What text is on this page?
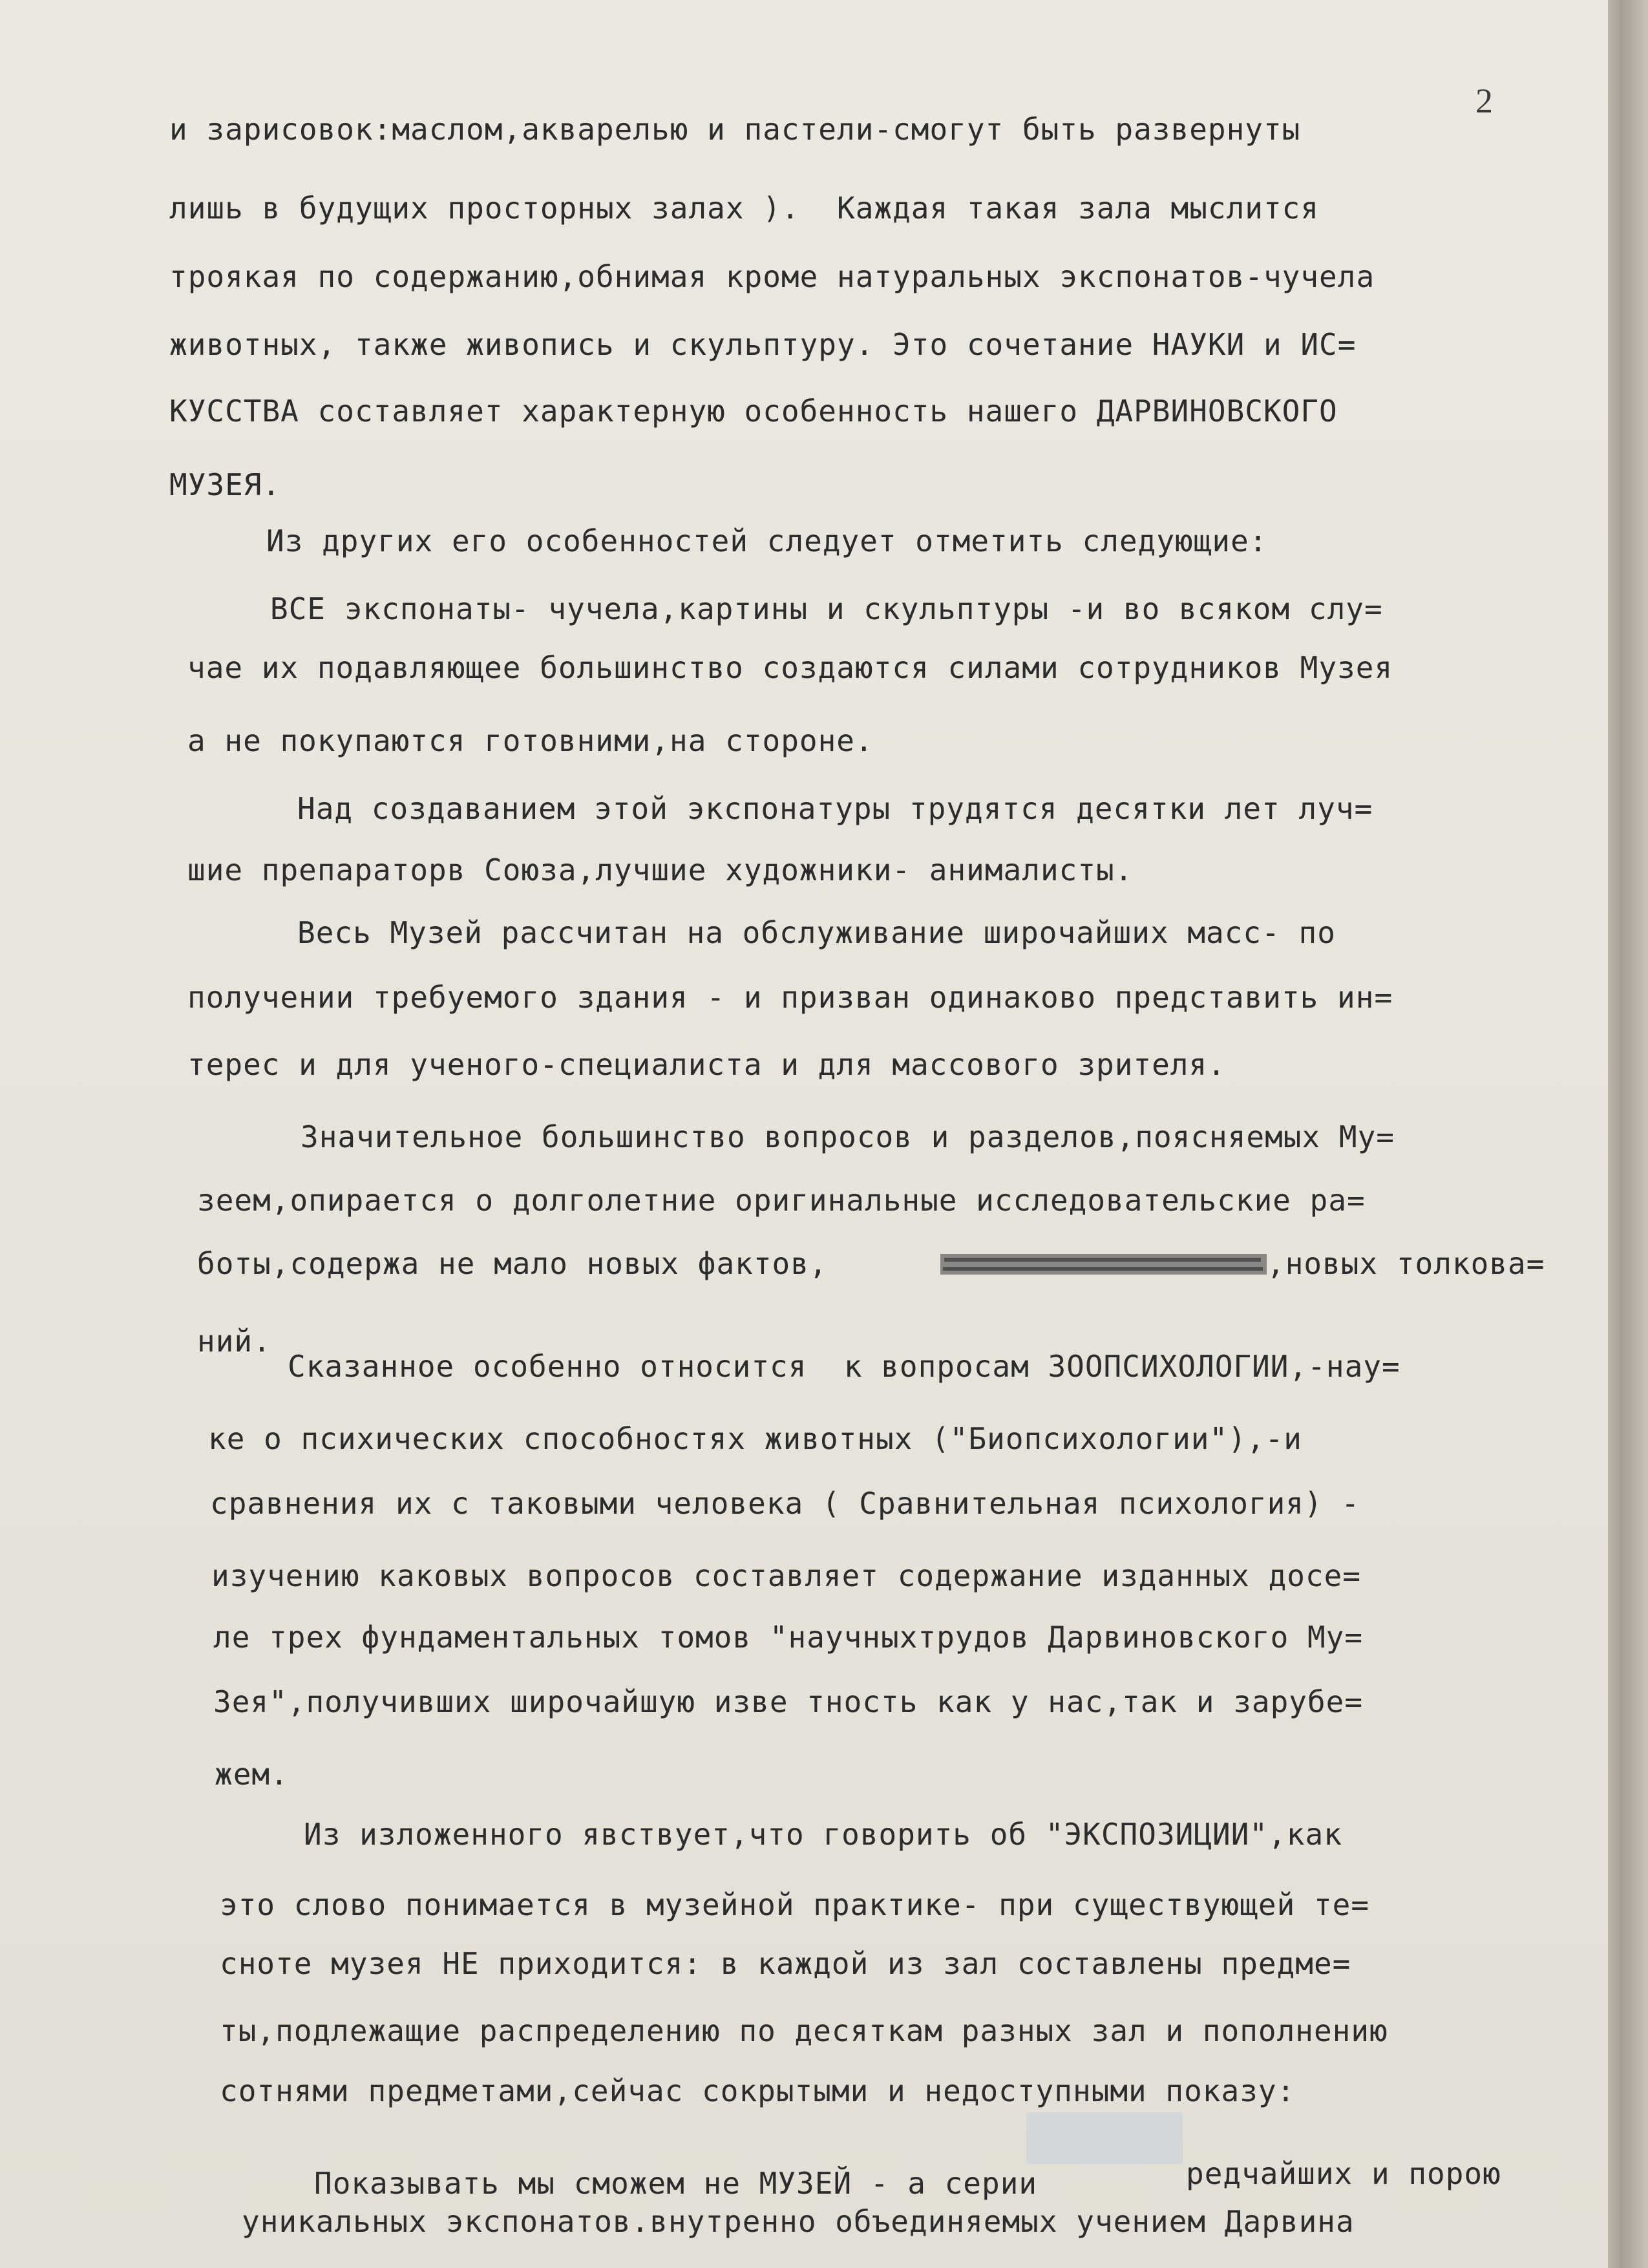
2
и зарисовок:маслом,акварелью и пастели-смогут быть развернуты
лишь в будущих просторных залах ).  Каждая такая зала мыслится
троякая по содержанию,обнимая кроме натуральных экспонатов-чучела
животных, также живопись и скульптуру. Это сочетание НАУКИ и ИС=
КУССТВА составляет характерную особенность нашего ДАРВИНОВСКОГО
МУЗЕЯ.
Из других его особенностей следует отметить следующие:
ВСЕ экспонаты- чучела,картины и скульптуры -и во всяком слу=
чае их подавляющее большинство создаются силами сотрудников Музея
а не покупаются готовними,на стороне.
Над создаванием этой экспонатуры трудятся десятки лет луч=
шие препараторв Союза,лучшие художники- анималисты.
Весь Музей рассчитан на обслуживание широчайших масс- по
получении требуемого здания - и призван одинаково представить ин=
терес и для ученого-специалиста и для массового зрителя.
Значительное большинство вопросов и разделов,поясняемых Му=
зеем,опирается о долголетние оригинальные исследовательские ра=
боты,содержа не мало новых фактов,	,новых толкова=
ний.
Сказанное особенно относится  к вопросам ЗООПСИХОЛОГИИ,-нау=
ке о психических способностях животных ("Биопсихологии"),-и
сравнения их с таковыми человека ( Сравнительная психология) -
изучению каковых вопросов составляет содержание изданных досе=
ле трех фундаментальных томов "научныхтрудов Дарвиновского Му=
Зея",получивших широчайшую изве тность как у нас,так и зарубе=
жем.
Из изложенного явствует,что говорить об "ЭКСПОЗИЦИИ",как
это слово понимается в музейной практике- при существующей те=
сноте музея НЕ приходится: в каждой из зал составлены предме=
ты,подлежащие распределению по десяткам разных зал и пополнению
сотнями предметами,сейчас сокрытыми и недоступными показу:
Показывать мы сможем не МУЗЕЙ - а серии	редчайших и порою
уникальных экспонатов.внутренно объединяемых учением Дарвина
